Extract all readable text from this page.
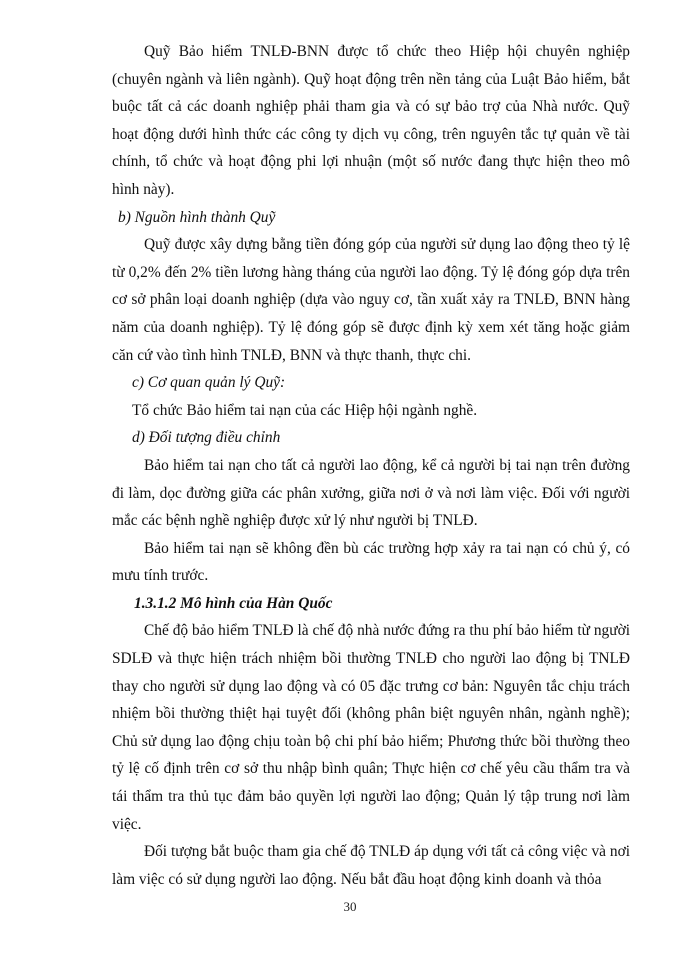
Quỹ Bảo hiểm TNLĐ-BNN được tổ chức theo Hiệp hội chuyên nghiệp (chuyên ngành và liên ngành). Quỹ hoạt động trên nền tảng của Luật Bảo hiểm, bắt buộc tất cả các doanh nghiệp phải tham gia và có sự bảo trợ của Nhà nước. Quỹ hoạt động dưới hình thức các công ty dịch vụ công, trên nguyên tắc tự quản về tài chính, tổ chức và hoạt động phi lợi nhuận (một số nước đang thực hiện theo mô hình này).

b) Nguồn hình thành Quỹ

Quỹ được xây dựng bằng tiền đóng góp của người sử dụng lao động theo tỷ lệ từ 0,2% đến 2% tiền lương hàng tháng của người lao động. Tỷ lệ đóng góp dựa trên cơ sở phân loại doanh nghiệp (dựa vào nguy cơ, tần xuất xảy ra TNLĐ, BNN hàng năm của doanh nghiệp). Tỷ lệ đóng góp sẽ được định kỳ xem xét tăng hoặc giảm căn cứ vào tình hình TNLĐ, BNN và thực thanh, thực chi.

c) Cơ quan quản lý Quỹ:

Tổ chức Bảo hiểm tai nạn của các Hiệp hội ngành nghề.

d) Đối tượng điều chỉnh

Bảo hiểm tai nạn cho tất cả người lao động, kể cả người bị tai nạn trên đường đi làm, dọc đường giữa các phân xưởng, giữa nơi ở và nơi làm việc. Đối với người mắc các bệnh nghề nghiệp được xử lý như người bị TNLĐ.

Bảo hiểm tai nạn sẽ không đền bù các trường hợp xảy ra tai nạn có chủ ý, có mưu tính trước.

1.3.1.2 Mô hình của Hàn Quốc

Chế độ bảo hiểm TNLĐ là chế độ nhà nước đứng ra thu phí bảo hiểm từ người SDLĐ và thực hiện trách nhiệm bồi thường TNLĐ cho người lao động bị TNLĐ thay cho người sử dụng lao động và có 05 đặc trưng cơ bản: Nguyên tắc chịu trách nhiệm bồi thường thiệt hại tuyệt đối (không phân biệt nguyên nhân, ngành nghề); Chủ sử dụng lao động chịu toàn bộ chi phí bảo hiểm; Phương thức bồi thường theo tỷ lệ cố định trên cơ sở thu nhập bình quân; Thực hiện cơ chế yêu cầu thẩm tra và tái thẩm tra thủ tục đảm bảo quyền lợi người lao động; Quản lý tập trung nơi làm việc.

Đối tượng bắt buộc tham gia chế độ TNLĐ áp dụng với tất cả công việc và nơi làm việc có sử dụng người lao động. Nếu bắt đầu hoạt động kinh doanh và thỏa

30
